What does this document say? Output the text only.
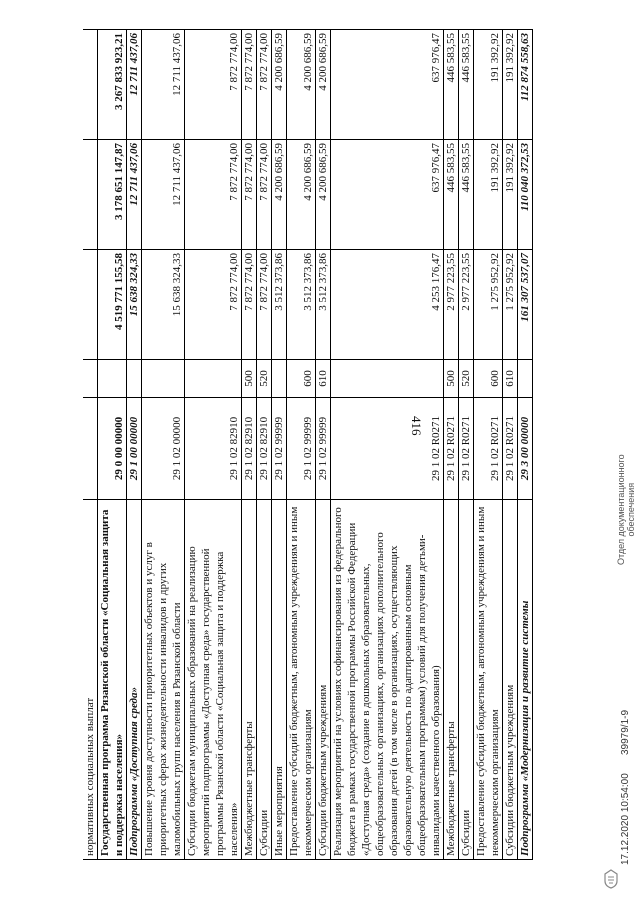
416
нормативных социальных выплат					
Государственная программа Рязанской области «Социальная защита и поддержка населения»	29 0 00 00000		4 519 771 155,58	3 178 651 147,87	3 267 833 923,21
Подпрограмма «Доступная среда»	29 1 00 00000		15 638 324,33	12 711 437,06	12 711 437,06
Повышение уровня доступности приоритетных объектов и услуг в приоритетных сферах жизнедеятельности инвалидов и других маломобильных групп населения в Рязанской области	29 1 02 00000		15 638 324,33	12 711 437,06	12 711 437,06
Субсидии бюджетам муниципальных образований на реализацию мероприятий подпрограммы «Доступная среда» государственной программы Рязанской области «Социальная защита и поддержка населения»	29 1 02 82910		7 872 774,00	7 872 774,00	7 872 774,00
Межбюджетные трансферты	29 1 02 82910	500	7 872 774,00	7 872 774,00	7 872 774,00
Субсидии	29 1 02 82910	520	7 872 774,00	7 872 774,00	7 872 774,00
Иные мероприятия	29 1 02 99999		3 512 373,86	4 200 686,59	4 200 686,59
Предоставление субсидий бюджетным, автономным учреждениям и иным некоммерческим организациям	29 1 02 99999	600	3 512 373,86	4 200 686,59	4 200 686,59
Субсидии бюджетным учреждениям	29 1 02 99999	610	3 512 373,86	4 200 686,59	4 200 686,59
Реализация мероприятий на условиях софинансирования из федерального бюджета в рамках государственной программы Российской Федерации «Доступная среда» (создание в дошкольных образовательных, общеобразовательных организациях, организациях дополнительного образования детей (в том числе в организациях, осуществляющих образовательную деятельность по адаптированным основным общеобразовательным программам) условий для получения детьми-инвалидами качественного образования)	29 1 02 R0271		4 253 176,47	637 976,47	637 976,47
Межбюджетные трансферты	29 1 02 R0271	500	2 977 223,55	446 583,55	446 583,55
Субсидии	29 1 02 R0271	520	2 977 223,55	446 583,55	446 583,55
Предоставление субсидий бюджетным, автономным учреждениям и иным некоммерческим организациям	29 1 02 R0271	600	1 275 952,92	191 392,92	191 392,92
Субсидии бюджетным учреждениям	29 1 02 R0271	610	1 275 952,92	191 392,92	191 392,92
Подпрограмма «Модернизация и развитие системы	29 3 00 00000		161 307 537,07	110 040 372,53	112 874 558,63
17.12.2020 10:54:00
39979/1-9
Отдел документационного обеспечения
